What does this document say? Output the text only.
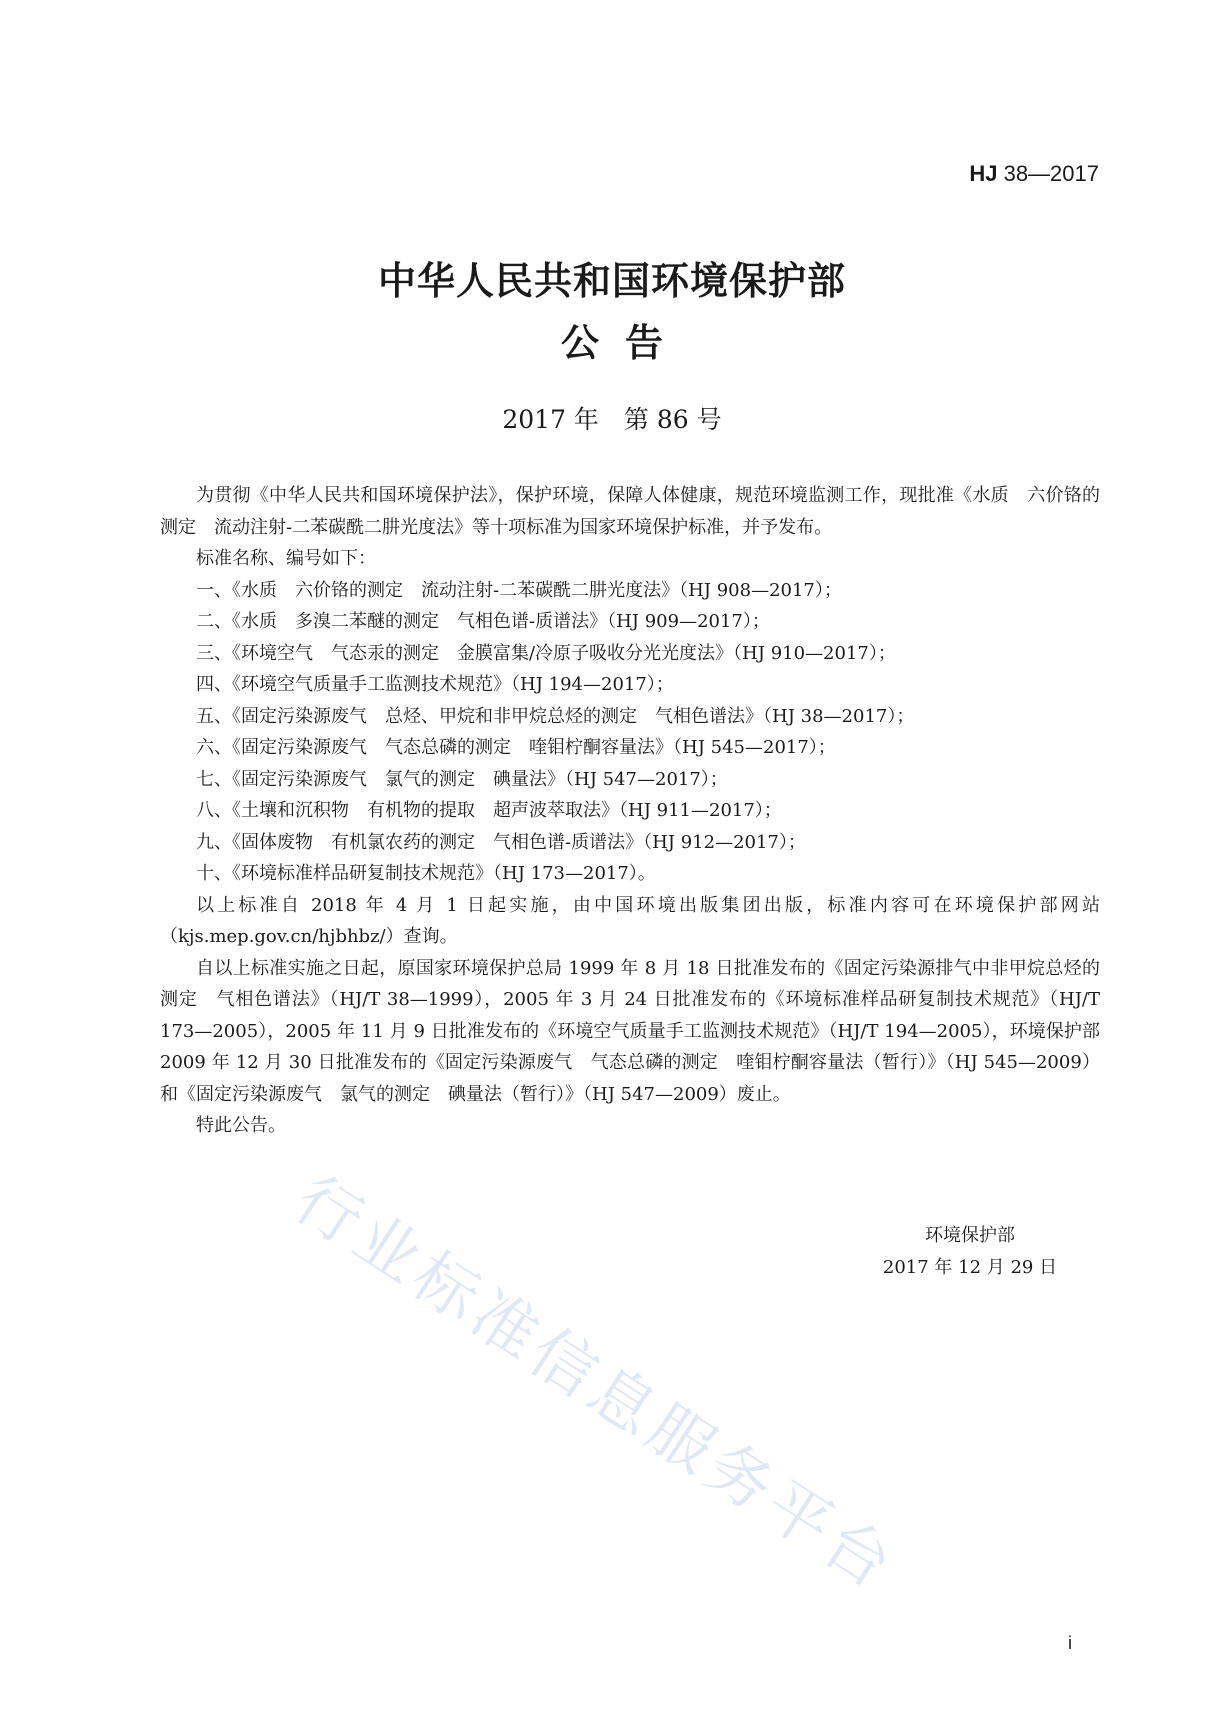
HJ 38—2017
中华人民共和国环境保护部
公告
2017 年　第 86 号

为贯彻《中华人民共和国环境保护法》，保护环境，保障人体健康，规范环境监测工作，现批准《水质　六价铬的测定　流动注射-二苯碳酰二肼光度法》等十项标准为国家环境保护标准，并予发布。

标准名称、编号如下：

一、《水质　六价铬的测定　流动注射-二苯碳酰二肼光度法》（HJ 908—2017）；
二、《水质　多溴二苯醚的测定　气相色谱-质谱法》（HJ 909—2017）；
三、《环境空气　气态汞的测定　金膜富集/冷原子吸收分光光度法》（HJ 910—2017）；
四、《环境空气质量手工监测技术规范》（HJ 194—2017）；
五、《固定污染源废气　总烃、甲烷和非甲烷总烃的测定　气相色谱法》（HJ 38—2017）；
六、《固定污染源废气　气态总磷的测定　喹钼柠酮容量法》（HJ 545—2017）；
七、《固定污染源废气　氯气的测定　碘量法》（HJ 547—2017）；
八、《土壤和沉积物　有机物的提取　超声波萃取法》（HJ 911—2017）；
九、《固体废物　有机氯农药的测定　气相色谱-质谱法》（HJ 912—2017）；
十、《环境标准样品研复制技术规范》（HJ 173—2017）。

以上标准自 2018 年 4 月 1 日起实施，由中国环境出版集团出版，标准内容可在环境保护部网站（kjs.mep.gov.cn/hjbhbz/）查询。

自以上标准实施之日起，原国家环境保护总局 1999 年 8 月 18 日批准发布的《固定污染源排气中非甲烷总烃的测定　气相色谱法》（HJ/T 38—1999），2005 年 3 月 24 日批准发布的《环境标准样品研复制技术规范》（HJ/T 173—2005），2005 年 11 月 9 日批准发布的《环境空气质量手工监测技术规范》（HJ/T 194—2005），环境保护部 2009 年 12 月 30 日批准发布的《固定污染源废气　气态总磷的测定　喹钼柠酮容量法（暂行）》（HJ 545—2009）和《固定污染源废气　氯气的测定　碘量法（暂行）》（HJ 547—2009）废止。

特此公告。

环境保护部
2017 年 12 月 29 日
i
行业标准信息服务平台
